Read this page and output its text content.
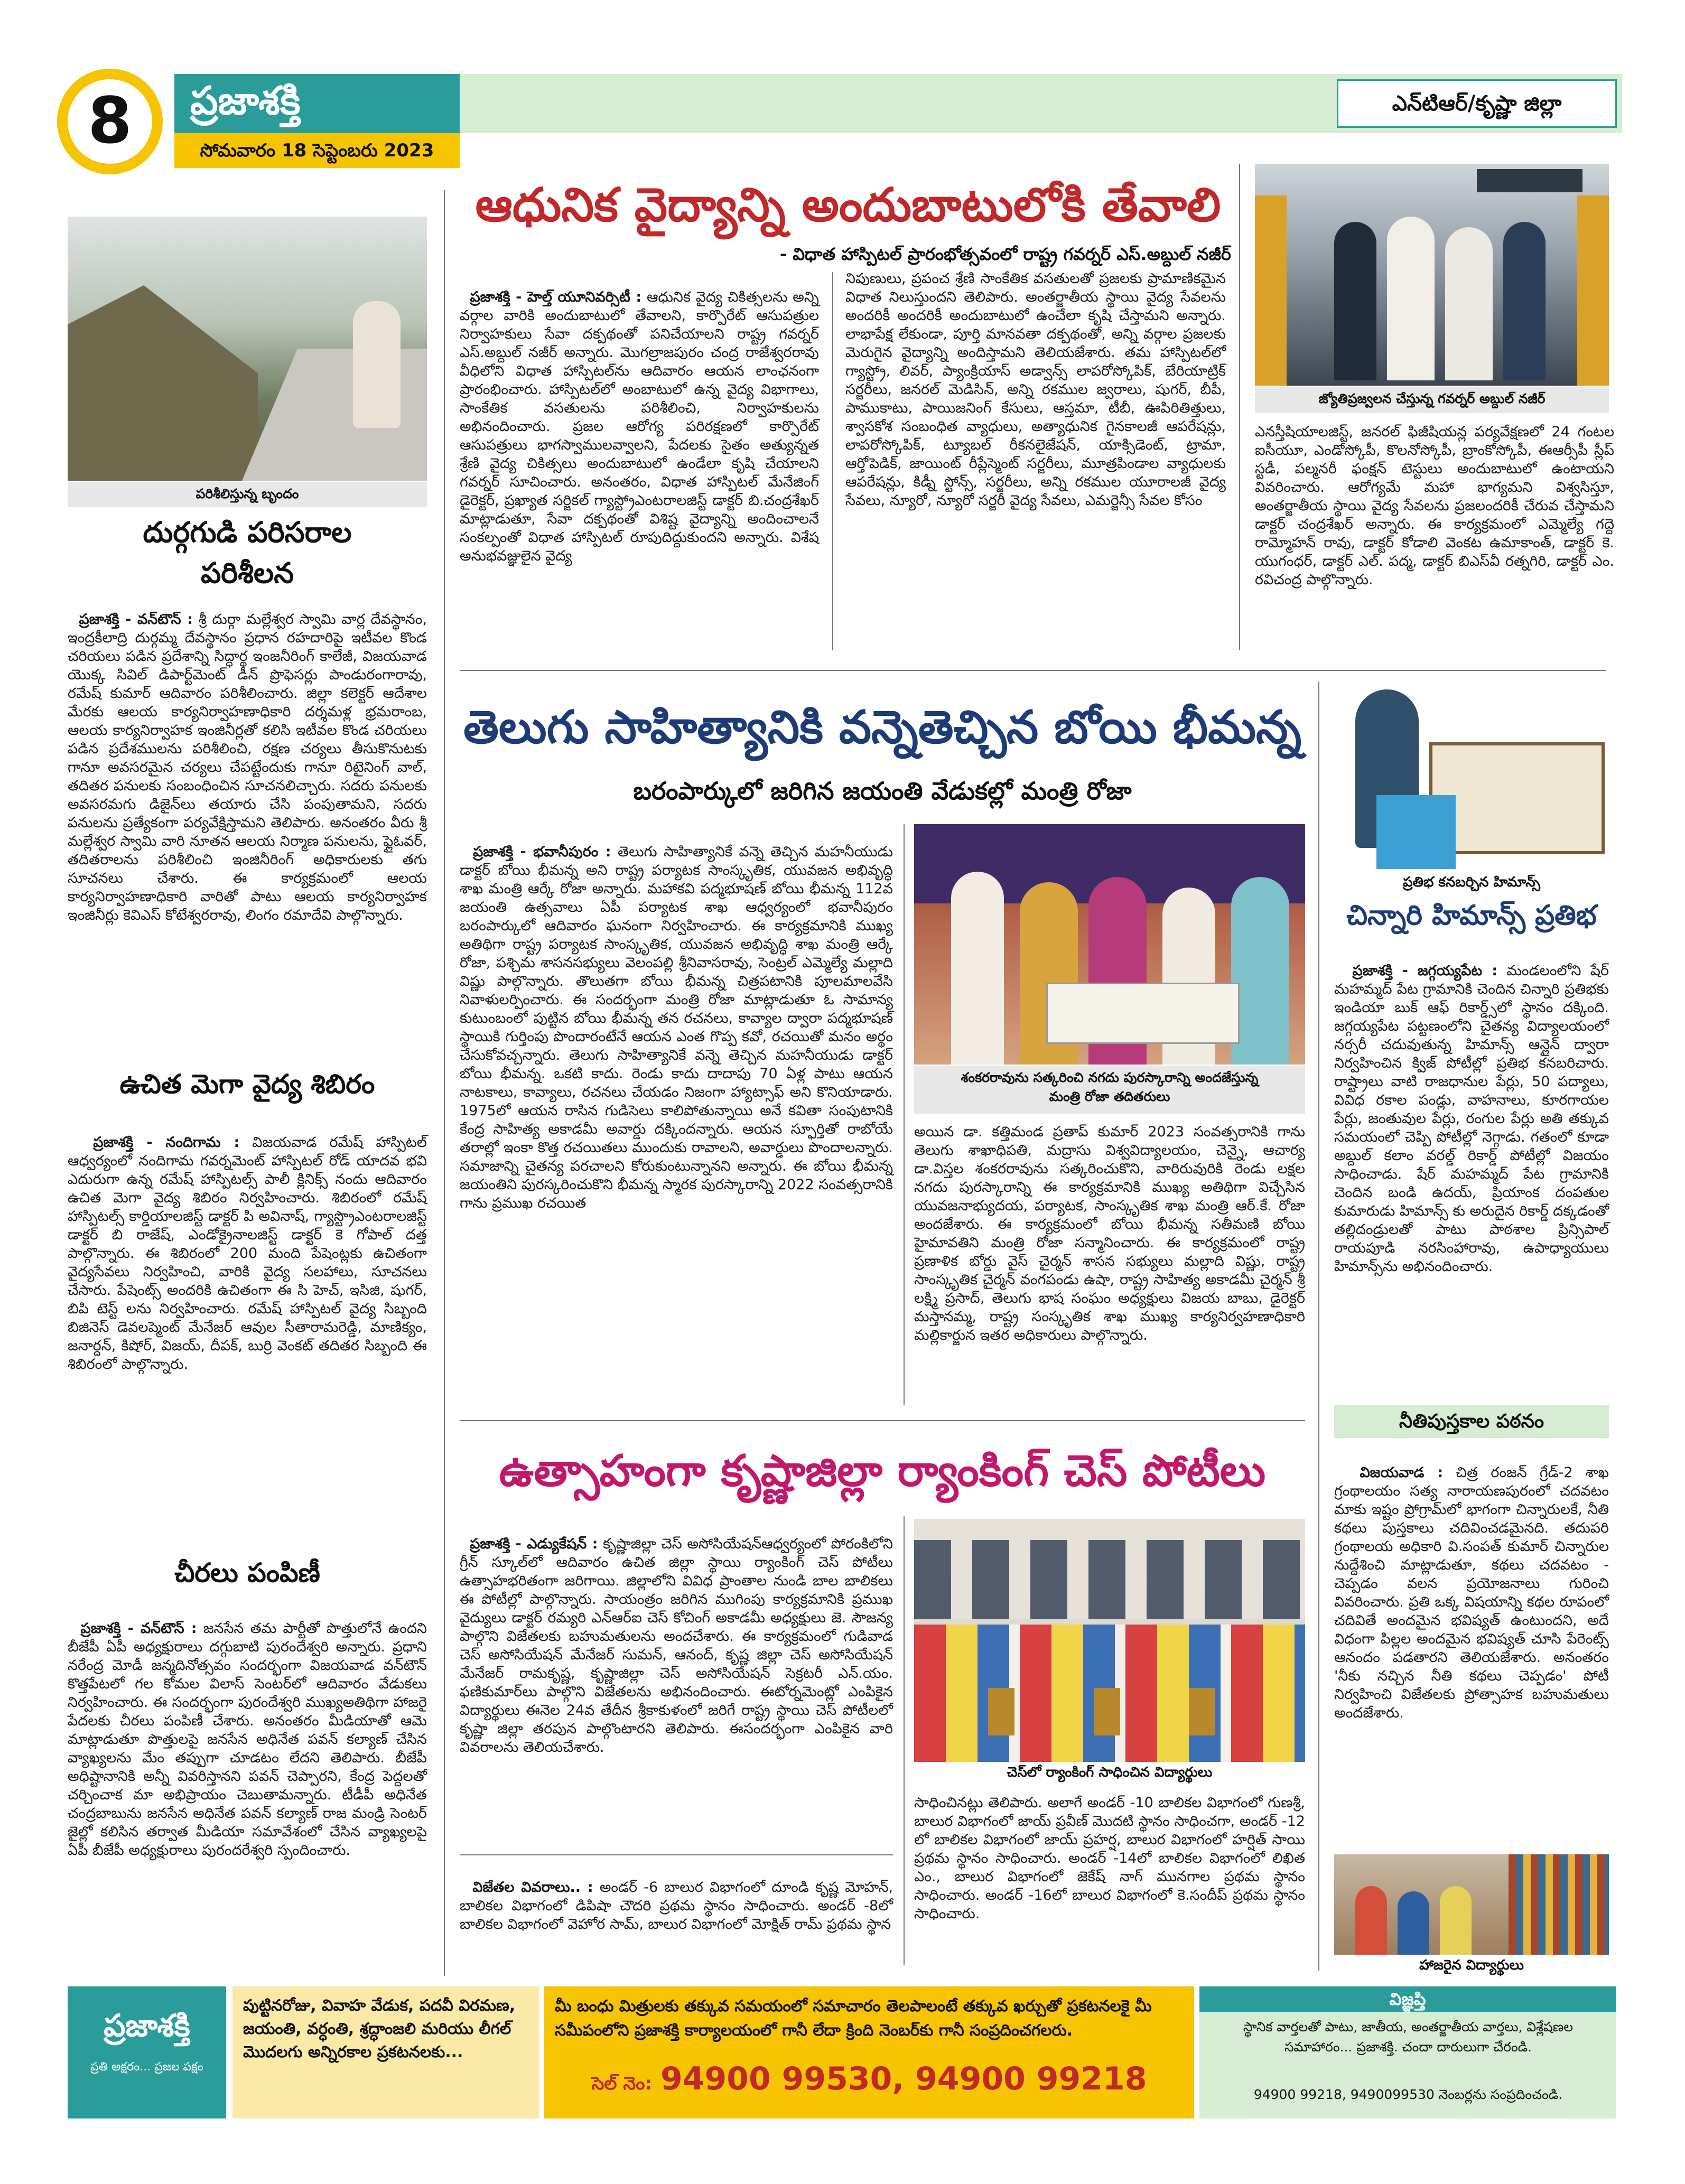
8	ప్రజాశక్తి	ఎన్‌టిఆర్‌/కృష్ణా జిల్లా
సోమవారం 18 సెప్టెంబరు 2023
పరిశీలిస్తున్న బృందం
దుర్గగుడి పరిసరాల
పరిశీలన

ప్రజాశక్తి - వన్‌టౌన్‌ : శ్రీ దుర్గా మల్లేశ్వర స్వామి వార్ల దేవస్థానం, ఇంద్రకీలాద్రి దుర్గమ్మ దేవస్థానం ప్రధాన రహదారిపై ఇటీవల కొండ చరియలు పడిన ప్రదేశాన్ని సిద్ధార్థ ఇంజనీరింగ్‌ కాలేజీ, విజయవాడ యొక్క సివిల్‌ డిపార్ట్‌మెంట్‌ డీన్‌ ప్రొఫెసర్లు పాండురంగారావు, రమేష్‌ కుమార్‌ ఆదివారం పరిశీలించారు. జిల్లా కలెక్టర్‌ ఆదేశాల మేరకు ఆలయ కార్యనిర్వాహణాధికారి దర్శమళ్ల భ్రమరాంబ, ఆలయ కార్యనిర్వాహక ఇంజినీర్లతో కలిసి ఇటీవల కొండ చరియలు పడిన ప్రదేశములను పరిశీలించి, రక్షణ చర్యలు తీసుకొనుటకు గానూ అవసరమైన చర్యలు చేపట్టేందుకు గానూ రిటైనింగ్‌ వాల్‌, తదితర పనులకు సంబంధించిన సూచనలిచ్చారు. సదరు పనులకు అవసరమగు డిజైన్‌లు తయారు చేసి పంపుతామని, సదరు పనులను ప్రత్యేకంగా పర్యవేక్షిస్తామని తెలిపారు. అనంతరం వీరు శ్రీ మల్లేశ్వర స్వామి వారి నూతన ఆలయ నిర్మాణ పనులను, ఫ్లైఓవర్‌, తదితరాలను పరిశీలించి ఇంజినీరింగ్‌ అధికారులకు తగు సూచనలు చేశారు. ఈ కార్యక్రమంలో ఆలయ కార్యనిర్వాహణాధికారి వారితో పాటు ఆలయ కార్యనిర్వాహక ఇంజినీర్లు కెవిఎస్‌ కోటేశ్వరరావు, లింగం రమాదేవి పాల్గొన్నారు.

ఉచిత మెగా వైద్య శిబిరం

ప్రజాశక్తి - నందిగామ : విజయవాడ రమేష్‌ హాస్పిటల్‌ ఆధ్వర్యంలో నందిగామ గవర్నమెంట్‌ హాస్పిటల్‌ రోడ్‌ యాదవ భవి ఎదురుగా ఉన్న రమేష్‌ హాస్పిటల్స్‌ పాలీ క్లినిక్స్‌ నందు ఆదివారం ఉచిత మెగా వైద్య శిబిరం నిర్వహించారు. శిబిరంలో రమేష్‌ హాస్పిటల్స్‌ కార్డియాలజిస్ట్‌ డాక్టర్‌ పి అవినాష్‌, గ్యాస్ట్రొఎంటరాలజిస్ట్‌ డాక్టర్‌ బి రాజేష్‌, ఎండోక్రైనాలజిస్ట్‌ డాక్టర్‌ కె గోపాల్‌ దత్త పాల్గొన్నారు. ఈ శిబిరంలో 200 మంది పేషెంట్లకు ఉచితంగా వైద్యసేవలు నిర్వహించి, వారికి వైద్య సలహాలు, సూచనలు చేసారు. పేషెంట్స్‌ అందరికి ఉచితంగా ఈ సి హెచ్‌, ఇసిజి, షుగర్‌, బిపి టెస్ట్‌ లను నిర్వహించారు. రమేష్‌ హాస్పిటల్‌ వైద్య సిబ్బంది బిజినెస్‌ డెవలప్మెంట్‌ మేనేజర్‌ ఆవుల సీతారామరెడ్డి, మాణిక్యం, జనార్దన్‌, కిషోర్‌, విజయ్‌, దీపక్‌, బుర్రి వెంకట్‌ తదితర సిబ్బంది ఈ శిబిరంలో పాల్గొన్నారు.

చీరలు పంపిణీ

ప్రజాశక్తి - వన్‌టౌన్‌ : జనసేన తమ పార్టీతో పొత్తులోనే ఉందని బీజేపీ ఏపీ అధ్యక్షురాలు దగ్గుబాటి పురందేశ్వరి అన్నారు. ప్రధాని నరేంద్ర మోడీ జన్మదినోత్సవం సందర్భంగా విజయవాడ వన్‌టౌన్‌ కొత్తపేటలో గల కోమల విలాస్‌ సెంటర్‌లో ఆదివారం వేడుకలు నిర్వహించారు. ఈ సందర్భంగా పురందేశ్వరి ముఖ్యఅతిథిగా హాజరై పేదలకు చీరలు పంపిణీ చేశారు. అనంతరం మీడియాతో ఆమె మాట్లాడుతూ పొత్తులపై జనసేన అధినేత పవన్‌ కల్యాణ్‌ చేసిన వ్యాఖ్యలను మేం తప్పుగా చూడటం లేదని తెలిపారు. బీజేపీ అధిష్టానానికి అన్నీ వివరిస్తానని పవన్‌ చెప్పారని, కేంద్ర పెద్దలతో చర్చించాక మా అభిప్రాయం చెబుతామన్నారు. టీడీపీ అధినేత చంద్రబాబును జనసేన అధినేత పవన్‌ కల్యాణ్‌ రాజ మండ్రి సెంటర్‌ జైల్లో కలిసిన తర్వాత మీడియా సమావేశంలో చేసిన వ్యాఖ్యలపై ఏపీ బీజేపీ అధ్యక్షురాలు పురందరేశ్వరి స్పందించారు.

ఆధునిక వైద్యాన్ని అందుబాటులోకి తేవాలి
- విధాత హాస్పిటల్‌ ప్రారంభోత్సవంలో రాష్ట్ర గవర్నర్‌ ఎస్‌.అబ్దుల్‌ నజీర్‌

ప్రజాశక్తి - హెల్త్‌ యూనివర్సిటీ : ఆధునిక వైద్య చికిత్సలను అన్ని వర్గాల వారికి అందుబాటులో తేవాలని, కార్పొరేట్‌ ఆసుపత్రుల నిర్వాహకులు సేవా దక్పథంతో పనిచేయాలని రాష్ట్ర గవర్నర్‌ ఎస్‌.అబ్దుల్‌ నజీర్‌ అన్నారు. మొగల్రాజపురం చంద్ర రాజేశ్వరరావు వీధిలోని విధాత హాస్పిటల్‌ను ఆదివారం ఆయన లాంఛనంగా ప్రారంభించారు. హాస్పిటల్‌లో అంబాటులో ఉన్న వైద్య విభాగాలు, సాంకేతిక వసతులను పరిశీలించి, నిర్వాహకులను అభినందించారు. ప్రజల ఆరోగ్య పరిరక్షణలో కార్పొరేట్‌ ఆసుపత్రులు భాగస్వాములవ్వాలని, పేదలకు సైతం అత్యున్నత శ్రేణి వైద్య చికిత్సలు అందుబాటులో ఉండేలా కృషి చేయాలని గవర్నర్‌ సూచించారు. అనంతరం, విధాత హాస్పిటల్‌ మేనేజింగ్‌ డైరెక్టర్‌, ప్రఖ్యాత సర్జికల్‌ గ్యాస్ట్రోఎంటరాలజిస్ట్‌ డాక్టర్‌ బి.చంద్రశేఖర్‌ మాట్లాడుతూ, సేవా దక్పథంతో విశిష్ట వైద్యాన్ని అందించాలనే సంకల్పంతో విధాత హాస్పిటల్‌ రూపుదిద్దుకుందని అన్నారు. విశేష అనుభవజ్ఞులైన వైద్య

నిపుణులు, ప్రపంచ శ్రేణి సాంకేతిక వసతులతో ప్రజలకు ప్రామాణికమైన విధాత నిలుస్తుందని తెలిపారు. అంతర్జాతీయ స్థాయి వైద్య సేవలను అందరికీ అందరికీ అందుబాటులో ఉంచేలా కృషి చేస్తామని అన్నారు. లాభాపేక్ష లేకుండా, పూర్తి మానవతా దక్పథంతో, అన్ని వర్గాల ప్రజలకు మెరుగైన వైద్యాన్ని అందిస్తామని తెలియజేశారు. తమ హాస్పిటల్‌లో గ్యాస్ట్రో, లివర్‌, ప్యాంక్రియాస్‌ అడ్వాన్స్‌ లాపరోస్కోపిక్‌, బేరియాట్రిక్‌ సర్జరీలు, జనరల్‌ మెడిసిన్‌, అన్ని రకముల జ్వరాలు, షుగర్‌, బీపీ, పాముకాటు, పాయిజనింగ్‌ కేసులు, ఆస్తమా, టీబీ, ఊపిరితిత్తులు, శ్వాసకోశ సంబంధిత వ్యాధులు, అత్యాధునిక గైనకాలజీ ఆపరేషన్లు, లాపరోస్కోపిక్‌, ట్యూబల్‌ రీకనలైజేషన్‌, యాక్సిడెంట్‌, ట్రామా, ఆర్తోపెడిక్‌, జాయింట్‌ రీప్లేస్మెంట్‌ సర్జరీలు, మూత్రపిండాల వ్యాధులకు ఆపరేషన్లు, కిడ్నీ స్టోన్స్‌, సర్జరీలు, అన్ని రకముల యూరాలజీ వైద్య సేవలు, న్యూరో, న్యూరో సర్జరీ వైద్య సేవలు, ఎమర్జెన్సీ సేవల కోసం
జ్యోతిప్రజ్వలన చేస్తున్న గవర్నర్‌ అబ్దుల్‌ నజీర్‌
ఎనస్తీషియాలజిస్ట్‌, జనరల్‌ ఫిజీషియన్ల పర్యవేక్షణలో 24 గంటల ఐసీయూ, ఎండోస్కోపీ, కొలనోస్కోపీ, బ్రాంకోస్కోపీ, ఈఆర్సీపీ స్లీప్‌ స్టడీ, పల్మనరీ ఫంక్షన్‌ టెస్టులు అందుబాటులో ఉంటాయని వివరించారు. ఆరోగ్యమే మహా భాగ్యమని విశ్వసిస్తూ, అంతర్జాతీయ స్థాయి వైద్య సేవలను ప్రజలందరికీ చేరువ చేస్తామని డాక్టర్‌ చంద్రశేఖర్‌ అన్నారు. ఈ కార్యక్రమంలో ఎమ్మెల్యే గద్దె రామ్మోహన్‌ రావు, డాక్టర్‌ కోడాలి వెంకట ఉమాకాంత్‌, డాక్టర్‌ కె. యుగంధర్‌, డాక్టర్‌ ఎల్‌. పద్మ, డాక్టర్‌ బిఎస్‌వీ రత్నగిరి, డాక్టర్‌ ఎం. రవిచంద్ర పాల్గొన్నారు.
తెలుగు సాహిత్యానికి వన్నెతెచ్చిన బోయి భీమన్న
బరంపార్కులో జరిగిన జయంతి వేడుకల్లో మంత్రి రోజా

ప్రజాశక్తి - భవానీపురం : తెలుగు సాహిత్యానికే వన్నె తెచ్చిన మహనీయుడు డాక్టర్‌ బోయి భీమన్న అని రాష్ట్ర పర్యాటక సాంస్కృతిక, యువజన అభివృద్ధి శాఖ మంత్రి ఆర్కే రోజా అన్నారు. మహాకవి పద్మభూషణ్‌ బోయి భీమన్న 112వ జయంతి ఉత్సవాలు ఏపీ పర్యాటక శాఖ ఆధ్వర్యంలో భవానీపురం బరంపార్కులో ఆదివారం ఘనంగా నిర్వహించారు. ఈ కార్యక్రమానికి ముఖ్య అతిథిగా రాష్ట్ర పర్యాటక సాంస్కృతిక, యువజన అభివృద్ధి శాఖ మంత్రి ఆర్కే రోజా, పశ్చిమ శాసనసభ్యులు వెలంపల్లి శ్రీనివాసరావు, సెంట్రల్‌ ఎమ్మెల్యే మల్లాది విష్ణు పాల్గొన్నారు. తొలుతగా బోయి భీమన్న చిత్రపటానికి పూలమాలవేసి నివాళులర్పించారు. ఈ సందర్భంగా మంత్రి రోజా మాట్లాడుతూ ఓ సామాన్య కుటుంబంలో పుట్టిన బోయి భీమన్న తన రచనలు, కావ్యాల ద్వారా పద్మభూషణ్‌ స్థాయికి గుర్తింపు పొందారంటేనే ఆయన ఎంత గొప్ప కవో, రచయితో మనం అర్థం చేసుకోవచ్చన్నారు. తెలుగు సాహిత్యానికే వన్నె తెచ్చిన మహనీయుడు డాక్టర్‌ బోయి భీమన్న. ఒకటి కాదు. రెండు కాదు దాదాపు 70 ఏళ్ల పాటు ఆయన నాటకాలు, కావ్యాలు, రచనలు చేయడం నిజంగా హ్యాట్సాఫ్‌ అని కొనియాడారు. 1975లో ఆయన రాసిన గుడిసెలు కాలిపోతున్నాయి అనే కవితా సంపుటానికి కేంద్ర సాహిత్య అకాడమీ అవార్డు దక్కిందన్నారు. ఆయన స్ఫూర్తితో రాబోయే తరాల్లో ఇంకా కొత్త రచయితలు ముందుకు రావాలని, అవార్డులు పొందాలన్నారు. సమాజాన్ని చైతన్య పరచాలని కోరుకుంటున్నానని అన్నారు. ఈ బోయి భీమన్న జయంతిని పురస్కరించుకొని భీమన్న స్మారక పురస్కారాన్ని 2022 సంవత్సరానికి గాను ప్రముఖ రచయిత

శంకరరావును సత్కరించి నగదు పురస్కారాన్ని అందజేస్తున్న
మంత్రి రోజా తదితరులు
అయిన డా. కత్తిమండ ప్రతాప్‌ కుమార్‌ 2023 సంవత్సరానికి గాను తెలుగు శాఖాధిపతి, మద్రాసు విశ్వవిద్యాలయం, చెన్నై, ఆచార్య డా.విస్తల శంకరరావును సత్కరించుకొని, వారిరువురికి రెండు లక్షల నగదు పురస్కారాన్ని ఈ కార్యక్రమానికి ముఖ్య అతిథిగా విచ్చేసిన యువజనాభ్యుదయ, పర్యాటక, సాంస్కృతిక శాఖ మంత్రి ఆర్‌.కే. రోజా అందజేశారు. ఈ కార్యక్రమంలో బోయి భీమన్న సతీమణి బోయి హైమావతిని మంత్రి రోజా సన్మానించారు. ఈ కార్యక్రమంలో రాష్ట్ర ప్రణాళిక బోర్డు వైస్‌ చైర్మన్‌ శాసన సభ్యులు మల్లాది విష్ణు, రాష్ట్ర సాంస్కృతిక చైర్మన్‌ వంగపండు ఉషా, రాష్ట్ర సాహిత్య అకాడమీ చైర్మన్‌ శ్రీ లక్ష్మి ప్రసాద్‌, తెలుగు భాష సంఘం అధ్యక్షులు విజయ బాబు, డైరెక్టర్‌ మస్తానమ్మ, రాష్ట్ర సంస్కృతిక శాఖ ముఖ్య కార్యనిర్వహణాధికారి మల్లికార్జున ఇతర అధికారులు పాల్గొన్నారు.
ప్రతిభ కనబర్చిన హిమాన్స్‌
చిన్నారి హిమాన్స్‌ ప్రతిభ

ప్రజాశక్తి - జగ్గయ్యపేట : మండలంలోని షేర్‌ మహమ్మద్‌ పేట గ్రామానికి చెందిన చిన్నారి ప్రతిభకు ఇండియా బుక్‌ ఆఫ్‌ రికార్డ్స్‌లో స్థానం దక్కింది. జగ్గయ్యపేట పట్టణంలోని చైతన్య విద్యాలయంలో నర్సరీ చదువుతున్న హిమాన్స్‌ ఆన్లైన్‌ ద్వారా నిర్వహించిన క్విజ్‌ పోటీల్లో ప్రతిభ కనబరిచారు. రాష్ట్రాలు వాటి రాజధానుల పేర్లు, 50 పద్యాలు, వివిధ రకాల పండ్లు, వాహనాలు, కూరగాయల పేర్లు, జంతువుల పేర్లు, రంగుల పేర్లు అతి తక్కువ సమయంలో చెప్పి పోటీల్లో నెగ్గాడు. గతంలో కూడా అబ్దుల్‌ కలాం వరల్డ్‌ రికార్డ్‌ పోటీల్లో విజయం సాధించాడు. షేర్‌ మహమ్మద్‌ పేట గ్రామానికి చెందిన బండి ఉదయ్‌, ప్రియాంక దంపతుల కుమారుడు హిమాన్స్‌ కు అరుదైన రికార్డ్‌ దక్కడంతో తల్లిదండ్రులతో పాటు పాఠశాల ప్రిన్సిపాల్‌ రాయపూడి నరసింహారావు, ఉపాధ్యాయులు హిమాన్స్‌ను అభినందించారు.

నీతిపుస్తకాల పఠనం

విజయవాడ : చిత్ర రంజన్‌ గ్రేడ్‌-2 శాఖ గ్రంథాలయం సత్య నారాయణపురంలో చదవటం మాకు ఇష్టం ప్రోగ్రామ్‌లో భాగంగా చిన్నారులకే, నీతి కథలు పుస్తకాలు చదివించడమైనది. తదుపరి గ్రంథాలయ అధికారి వి.సంపత్‌ కుమార్‌ చిన్నారుల నుద్దేశించి మాట్లాడుతూ, కథలు చదవటం - చెప్పడం వలన ప్రయోజనాలు గురించి వివరించారు. ప్రతి ఒక్క విషయాన్ని కథల రూపంలో చదివితే అందమైన భవిష్యత్‌ ఉంటుందని, అదే విధంగా పిల్లల అందమైన భవిష్యత్‌ చూసి పేరెంట్స్‌ ఆనందం పడతారని తెలియజేశారు. అనంతరం 'నీకు నచ్చిన నీతి కథలు చెప్పడం' పోటీ నిర్వహించి విజేతలకు ప్రోత్సాహక బహుమతులు అందజేశారు.

హాజరైన విద్యార్థులు
ఉత్సాహంగా కృష్ణాజిల్లా ర్యాంకింగ్‌ చెస్‌ పోటీలు

ప్రజాశక్తి - ఎడ్యుకేషన్‌ : కృష్ణాజిల్లా చెస్‌ అసోసియేషన్‌ఆధ్వర్యంలో పోరంకిలోని గ్రీన్‌ స్కూల్‌లో ఆదివారం ఉచిత జిల్లా స్థాయి ర్యాంకింగ్‌ చెస్‌ పోటీలు ఉత్సాహభరితంగా జరిగాయి. జిల్లాలోని వివిధ ప్రాంతాల నుండి బాల బాలికలు ఈ పోటీల్లో పాల్గొన్నారు. సాయంత్రం జరిగిన ముగింపు కార్యక్రమానికి ప్రముఖ వైద్యులు డాక్టర్‌ రమ్యరి ఎన్‌ఆర్‌ఐ చెస్‌ కోచింగ్‌ అకాడమీ అధ్యక్షులు జె. సౌజన్య పాల్గొని విజేతలకు బహుమతులను అందచేశారు. ఈ కార్యక్రమంలో గుడివాడ చెస్‌ అసోసియేషన్‌ మేనేజర్‌ సుమన్‌, ఆనంద్‌, కృష్ణ జిల్లా చెస్‌ అసోసియేషన్‌ మేనేజర్‌ రామకృష్ణ, కృష్ణాజిల్లా చెస్‌ అసోసియేషన్‌ సెక్రటరీ ఎన్‌.యం. ఫణికుమార్‌లు పాల్గొని విజేతలను అభినందించారు. ఈటోర్నమెంట్లో ఎంపికైన విద్యార్థులు ఈనెల 24వ తేదీన శ్రీకాకుళంలో జరిగే రాష్ట్ర స్థాయి చెస్‌ పోటీలలో కృష్ణా జిల్లా తరపున పాల్గొంటారని తెలిపారు. ఈసందర్భంగా ఎంపికైన వారి వివరాలను తెలియచేశారు.

విజేతల వివరాలు.. : అండర్‌ -6 బాలుర విభాగంలో దూండి కృష్ణ మోహన్‌, బాలికల విభాగంలో డిపిషా చౌదరి ప్రథమ స్థానం సాధించారు. అండర్‌ -8లో బాలికల విభాగంలో వెహోర సామ్‌, బాలుర విభాగంలో మోక్షిత్‌ రామ్‌ ప్రథమ స్థాన

చెస్‌లో ర్యాంకింగ్‌ సాధించిన విద్యార్థులు
సాధించినట్లు తెలిపారు. అలాగే అండర్‌ -10 బాలికల విభాగంలో గుణశ్రీ, బాలుర విభాగంలో జాయ్‌ ప్రవీణ్‌ మొదటి స్థానం సాధించగా, అండర్‌ -12 లో బాలికల విభాగంలో జాయ్‌ ప్రహర్ష, బాలుర విభాగంలో హర్షిత్‌ సాయి ప్రథమ స్థానం సాధించారు. అండర్‌ -14లో బాలికల విభాగంలో లిఖిత ఎం., బాలుర విభాగంలో జెకేష్‌ నాగ్‌ మునగాల ప్రథమ స్థానం సాధించారు. అండర్‌ -16లో బాలుర విభాగంలో కె.సందీప్‌ ప్రథమ స్థానం సాధించారు.
ప్రజాశక్తి
ప్రతి అక్షరం... ప్రజల పక్షం
పుట్టినరోజు, వివాహ వేడుక, పదవీ విరమణ, జయంతి, వర్ధంతి, శ్రద్ధాంజలి మరియు లీగల్‌ మొదలగు అన్నిరకాల ప్రకటనలకు...
మీ బంధు మిత్రులకు తక్కువ సమయంలో సమాచారం తెలపాలంటే తక్కువ ఖర్చుతో ప్రకటనలకై మీ సమీపంలోని ప్రజాశక్తి కార్యాలయంలో గానీ లేదా క్రింది నెంబర్‌కు గానీ సంప్రదించగలరు.
సెల్‌ నెం: 94900 99530, 94900 99218
విజ్ఞప్తి
స్థానిక వార్తలతో పాటు, జాతీయ, అంతర్జాతీయ వార్తలు, విశ్లేషణల సమాహారం... ప్రజాశక్తి. చందా దారులుగా చేరండి.
94900 99218, 9490099530 నెంబర్లను సంప్రదించండి.
